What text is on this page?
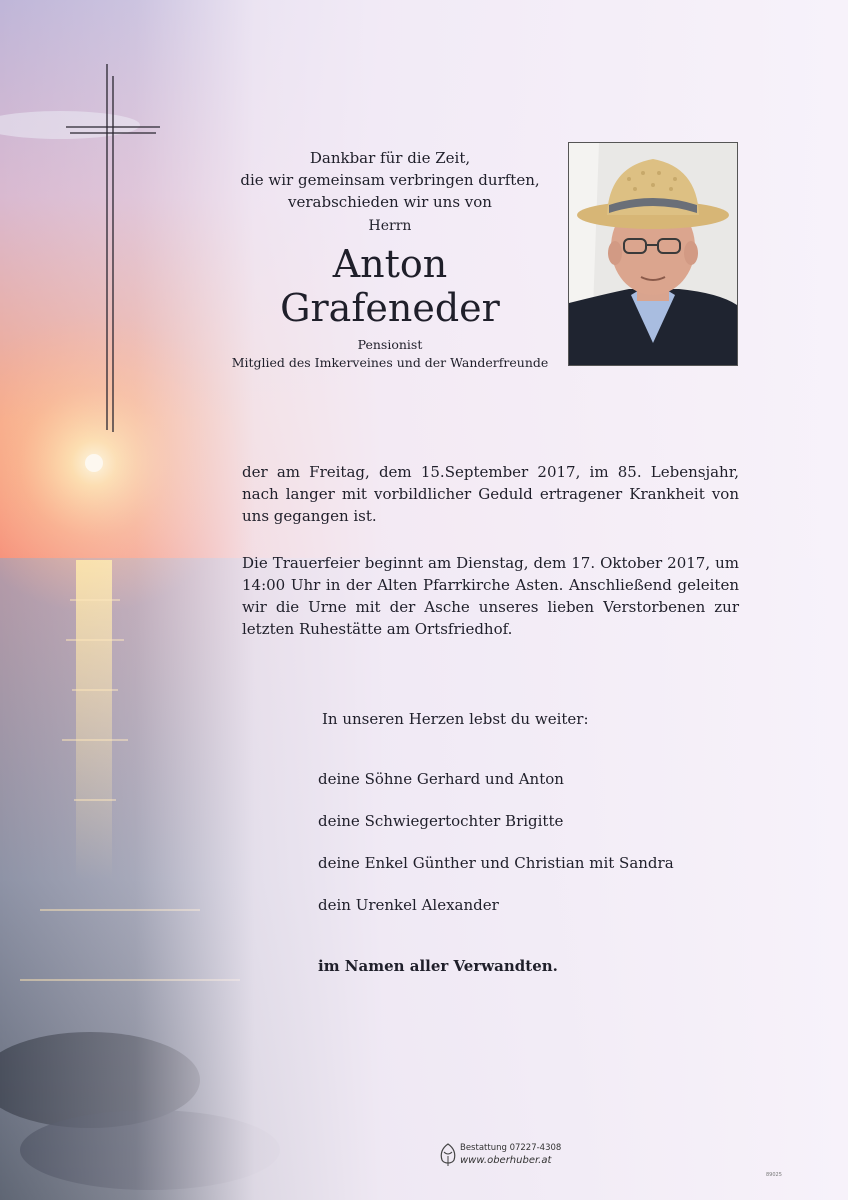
Dankbar für die Zeit,
die wir gemeinsam verbringen durften,
verabschieden wir uns von
Herrn
Anton
Grafeneder
Pensionist
Mitglied des Imkerveines und der Wanderfreunde
der am Freitag, dem 15.September 2017, im 85. Lebensjahr, nach langer mit vorbildlicher Geduld ertragener Krankheit von uns gegangen ist.
Die Trauerfeier beginnt am Dienstag, dem 17. Oktober 2017, um 14:00 Uhr in der Alten Pfarrkirche Asten. Anschließend geleiten wir die Urne mit der Asche unseres lieben Verstorbenen zur letzten Ruhestätte am Ortsfriedhof.
In unseren Herzen lebst du weiter:
deine Söhne Gerhard und Anton
deine Schwiegertochter Brigitte
deine Enkel Günther und Christian mit Sandra
dein Urenkel Alexander
im Namen aller Verwandten.
Bestattung 07227-4308
www.oberhuber.at
89025
